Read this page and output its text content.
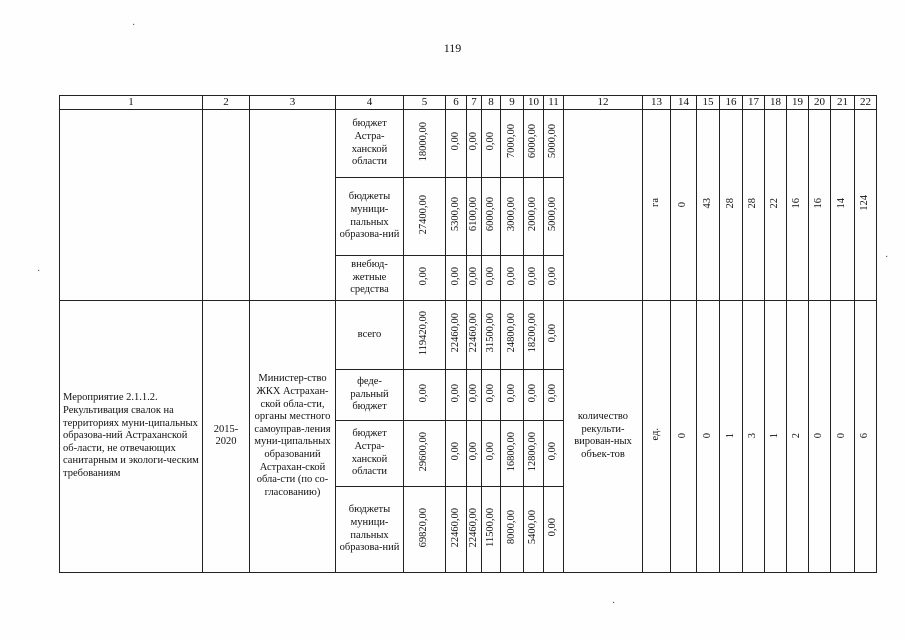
119
·
·
·
·
1	2	3	4	5	6	7	8	9	10	11	12	13	14	15	16	17	18	19	20	21	22
			бюджет Астра-ханской области	18000,00	0,00	0,00	0,00	7000,00	6000,00	5000,00		га	0	43	28	28	22	16	16	14	124
			бюджеты муници-пальных образова-ний	27400,00	5300,00	6100,00	6000,00	3000,00	2000,00	5000,00											
			внебюд-жетные средства	0,00	0,00	0,00	0,00	0,00	0,00	0,00											
Мероприятие 2.1.1.2. Рекультивация свалок на территориях муни-ципальных образова-ний Астраханской об-ласти, не отвечающих санитарным и экологи-ческим требованиям	2015-2020	Министер-ство ЖКХ Астрахан-ской обла-сти, органы местного самоуправ-ления муни-ципальных образований Астрахан-ской обла-сти (по со-гласованию)	всего	119420,00	22460,00	22460,00	31500,00	24800,00	18200,00	0,00	количество рекульти-вирован-ных объек-тов	ед.	0	0	1	3	1	2	0	0	6
			феде-ральный бюджет	0,00	0,00	0,00	0,00	0,00	0,00	0,00											
			бюджет Астра-ханской области	29600,00	0,00	0,00	0,00	16800,00	12800,00	0,00											
			бюджеты муници-пальных образова-ний	69820,00	22460,00	22460,00	11500,00	8000,00	5400,00	0,00											
